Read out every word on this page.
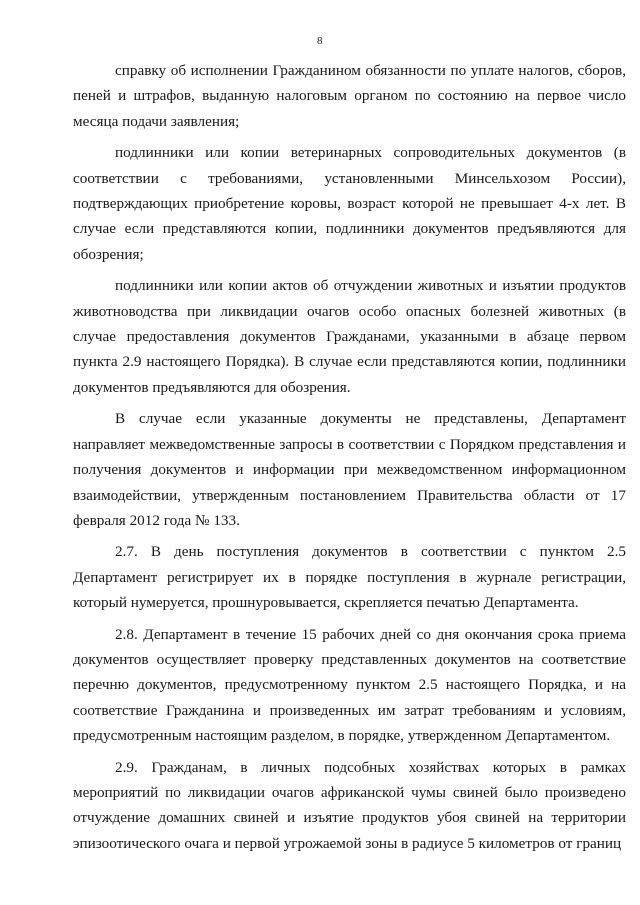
8

справку об исполнении Гражданином обязанности по уплате налогов, сборов, пеней и штрафов, выданную налоговым органом по состоянию на первое число месяца подачи заявления;

подлинники или копии ветеринарных сопроводительных документов (в соответствии с требованиями, установленными Минсельхозом России), подтверждающих приобретение коровы, возраст которой не превышает 4-х лет. В случае если представляются копии, подлинники документов предъявляются для обозрения;

подлинники или копии актов об отчуждении животных и изъятии продуктов животноводства при ликвидации очагов особо опасных болезней животных (в случае предоставления документов Гражданами, указанными в абзаце первом пункта 2.9 настоящего Порядка). В случае если представляются копии, подлинники документов предъявляются для обозрения.

В случае если указанные документы не представлены, Департамент направляет межведомственные запросы в соответствии с Порядком представления и получения документов и информации при межведомственном информационном взаимодействии, утвержденным постановлением Правительства области от 17 февраля 2012 года № 133.

2.7. В день поступления документов в соответствии с пунктом 2.5 Департамент регистрирует их в порядке поступления в журнале регистрации, который нумеруется, прошнуровывается, скрепляется печатью Департамента.

2.8. Департамент в течение 15 рабочих дней со дня окончания срока приема документов осуществляет проверку представленных документов на соответствие перечню документов, предусмотренному пунктом 2.5 настоящего Порядка, и на соответствие Гражданина и произведенных им затрат требованиям и условиям, предусмотренным настоящим разделом, в порядке, утвержденном Департаментом.

2.9. Гражданам, в личных подсобных хозяйствах которых в рамках мероприятий по ликвидации очагов африканской чумы свиней было произведено отчуждение домашних свиней и изъятие продуктов убоя свиней на территории эпизоотического очага и первой угрожаемой зоны в радиусе 5 километров от границ
